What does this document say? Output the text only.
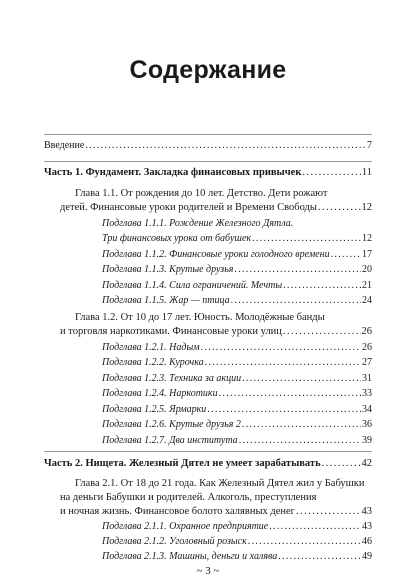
Содержание
Введение . . .	7
Часть 1. Фундамент. Закладка финансовых привычек . . .	11
Глава 1.1. От рождения до 10 лет. Детство. Дети рожают
детей. Финансовые уроки родителей и Времени Свободы . . .	12
Подглава 1.1.1. Рождение Железного Дятла.
Три финансовых урока от бабушек . . .	12
Подглава 1.1.2. Финансовые уроки голодного времени . . .	17
Подглава 1.1.3. Крутые друзья . . .	20
Подглава 1.1.4. Сила ограничений. Мечты . . .	21
Подглава 1.1.5. Жар — птица . . .	24
Глава 1.2. От 10 до 17 лет. Юность. Молодёжные банды
и торговля наркотиками. Финансовые уроки улиц . . .	26
Подглава 1.2.1. Надым . . .	26
Подглава 1.2.2. Курочка . . .	27
Подглава 1.2.3. Техника за акции . . .	31
Подглава 1.2.4. Наркотики . . .	33
Подглава 1.2.5. Ярмарки . . .	34
Подглава 1.2.6. Крутые друзья 2 . . .	36
Подглава 1.2.7. Два института . . .	39
Часть 2. Нищета. Железный Дятел не умеет зарабатывать . . .	42
Глава 2.1. От 18 до 21 года. Как Железный Дятел жил у Бабушки
на деньги Бабушки и родителей. Алкоголь, преступления
и ночная жизнь. Финансовое болото халявных денег . . .	43
Подглава 2.1.1. Охранное предприятие . . .	43
Подглава 2.1.2. Уголовный розыск . . .	46
Подглава 2.1.3. Машины, деньги и халява . . .	49
~ 3 ~
